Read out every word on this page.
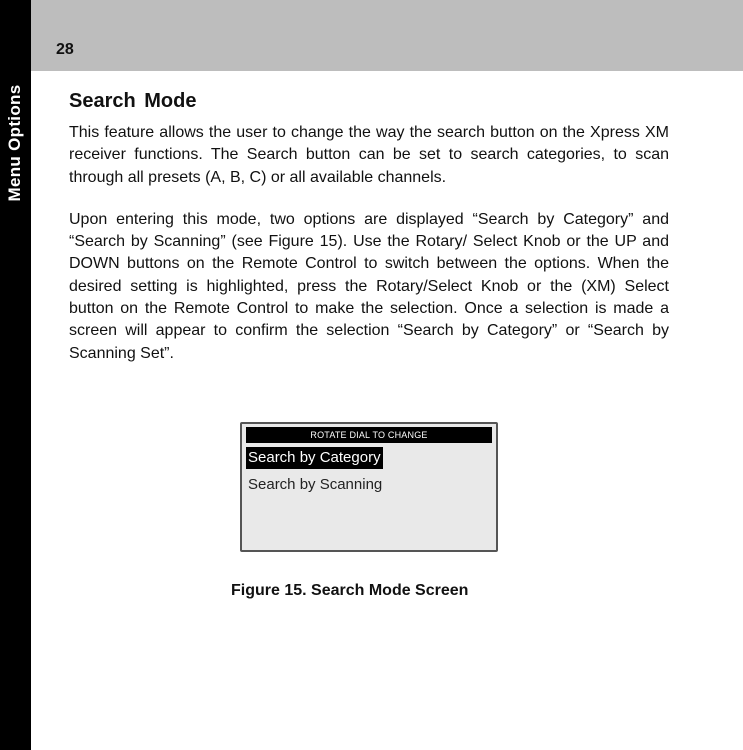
Menu Options
28
Search Mode

This feature allows the user to change the way the search button on the Xpress XM receiver functions. The Search button can be set to search categories, to scan through all presets (A, B, C) or all available channels.

Upon entering this mode, two options are displayed “Search by Category” and “Search by Scanning” (see Figure 15). Use the Rotary/ Select Knob or the UP and DOWN buttons on the Remote Control to switch between the options. When the desired setting is highlighted, press the Rotary/Select Knob or the (XM) Select button on the Remote Control to make the selection. Once a selection is made a screen will appear to confirm the selection “Search by Category” or “Search by Scanning Set”.

ROTATE DIAL TO CHANGE
Search by Category
Search by Scanning
Figure 15. Search Mode Screen
